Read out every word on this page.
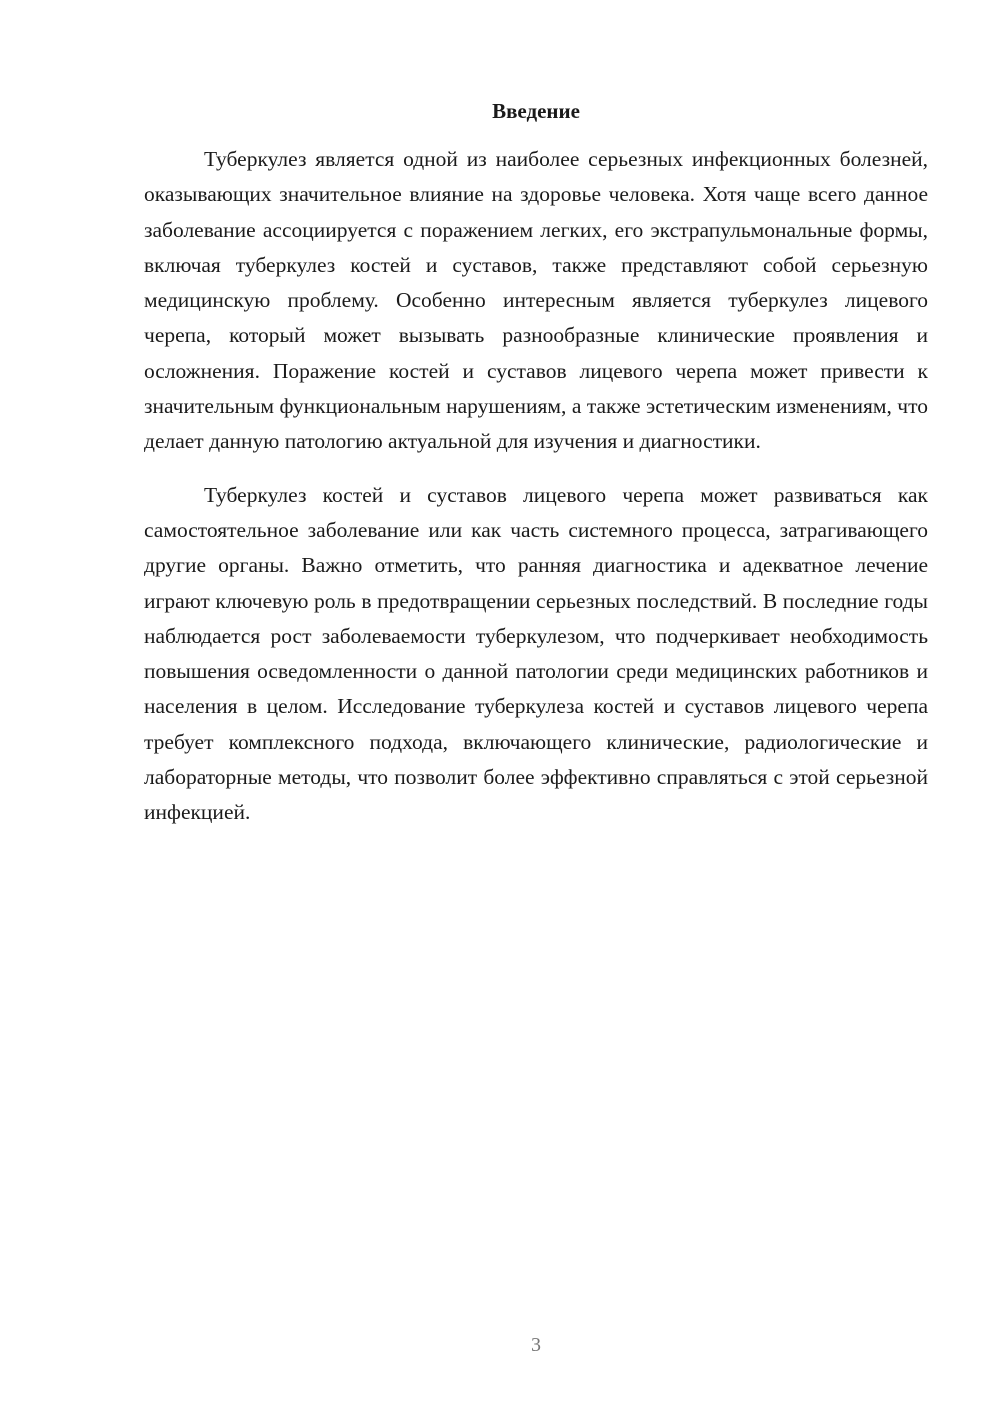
Введение

Туберкулез является одной из наиболее серьезных инфекционных болезней, оказывающих значительное влияние на здоровье человека. Хотя чаще всего данное заболевание ассоциируется с поражением легких, его экстрапульмональные формы, включая туберкулез костей и суставов, также представляют собой серьезную медицинскую проблему. Особенно интересным является туберкулез лицевого черепа, который может вызывать разнообразные клинические проявления и осложнения. Поражение костей и суставов лицевого черепа может привести к значительным функциональным нарушениям, а также эстетическим изменениям, что делает данную патологию актуальной для изучения и диагностики.

Туберкулез костей и суставов лицевого черепа может развиваться как самостоятельное заболевание или как часть системного процесса, затрагивающего другие органы. Важно отметить, что ранняя диагностика и адекватное лечение играют ключевую роль в предотвращении серьезных последствий. В последние годы наблюдается рост заболеваемости туберкулезом, что подчеркивает необходимость повышения осведомленности о данной патологии среди медицинских работников и населения в целом. Исследование туберкулеза костей и суставов лицевого черепа требует комплексного подхода, включающего клинические, радиологические и лабораторные методы, что позволит более эффективно справляться с этой серьезной инфекцией.

3
